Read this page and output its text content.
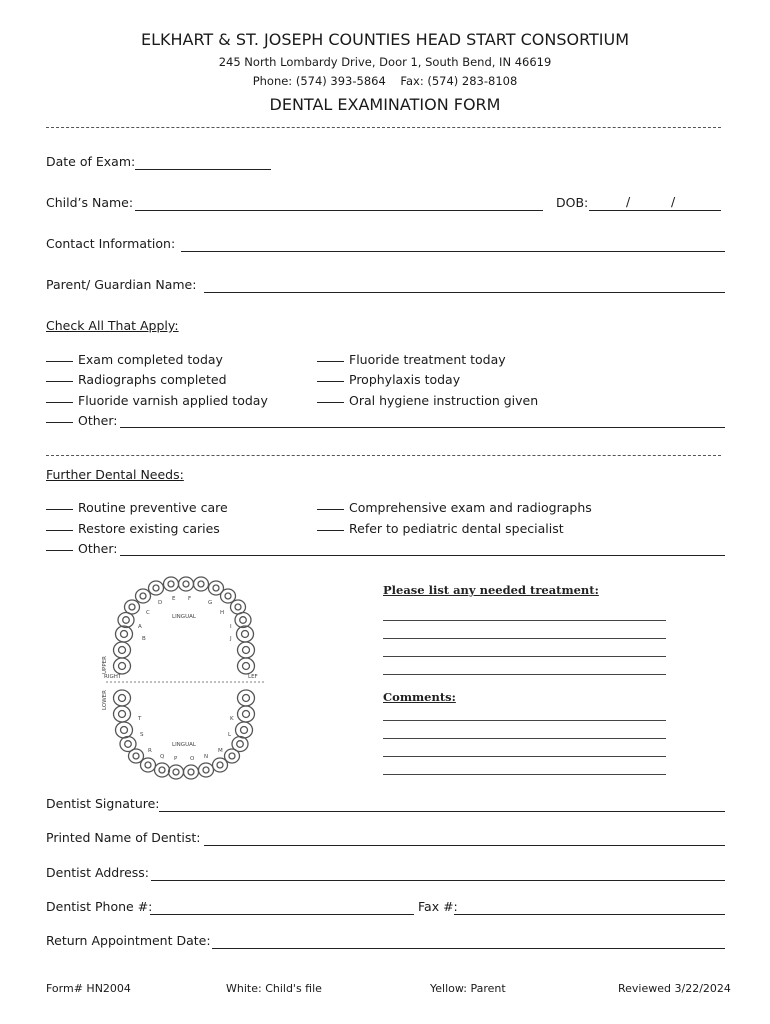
ELKHART & ST. JOSEPH COUNTIES HEAD START CONSORTIUM
245 North Lombardy Drive, Door 1, South Bend, IN 46619
Phone: (574) 393-5864    Fax: (574) 283-8108
DENTAL EXAMINATION FORM
Date of Exam:
Child’s Name:	DOB:	/	/
Contact Information:
Parent/ Guardian Name:
Check All That Apply:
Exam completed today
Radiographs completed
Fluoride varnish applied today
Fluoride treatment today
Prophylaxis today
Oral hygiene instruction given
Other:
Further Dental Needs:
Routine preventive care
Restore existing caries
Comprehensive exam and radiographs
Refer to pediatric dental specialist
Other:
LINGUAL
LINGUAL
RIGHT	LEF
UPPER
LOWER
A
B
C
D
E F
G
H
I
J
K
L
M
N
O
P
Q
R
S
T
Please list any needed treatment:
Comments:
Dentist Signature:
Printed Name of Dentist:
Dentist Address:
Dentist Phone #:	Fax #:
Return Appointment Date:
Form# HN2004	White: Child's file	Yellow: Parent	Reviewed 3/22/2024
